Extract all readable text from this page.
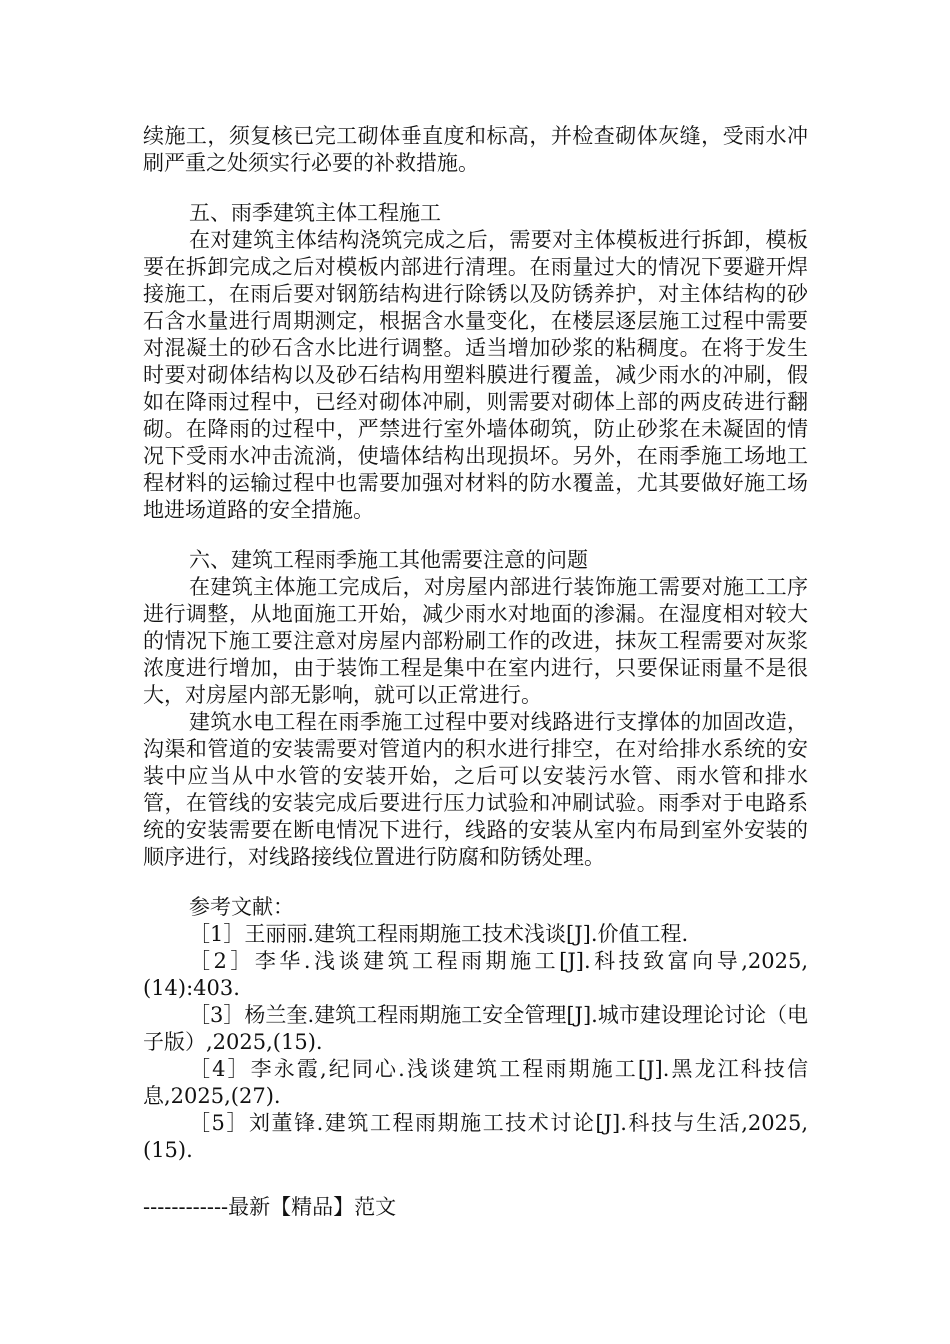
续施工，须复核已完工砌体垂直度和标高，并检查砌体灰缝，受雨水冲刷严重之处须实行必要的补救措施。

五、雨季建筑主体工程施工

在对建筑主体结构浇筑完成之后，需要对主体模板进行拆卸，模板要在拆卸完成之后对模板内部进行清理。在雨量过大的情况下要避开焊接施工，在雨后要对钢筋结构进行除锈以及防锈养护，对主体结构的砂石含水量进行周期测定，根据含水量变化，在楼层逐层施工过程中需要对混凝土的砂石含水比进行调整。适当增加砂浆的粘稠度。在将于发生时要对砌体结构以及砂石结构用塑料膜进行覆盖，减少雨水的冲刷，假如在降雨过程中，已经对砌体冲刷，则需要对砌体上部的两皮砖进行翻砌。在降雨的过程中，严禁进行室外墙体砌筑，防止砂浆在未凝固的情况下受雨水冲击流淌，使墙体结构出现损坏。另外，在雨季施工场地工程材料的运输过程中也需要加强对材料的防水覆盖，尤其要做好施工场地进场道路的安全措施。

六、建筑工程雨季施工其他需要注意的问题

在建筑主体施工完成后，对房屋内部进行装饰施工需要对施工工序进行调整，从地面施工开始，减少雨水对地面的渗漏。在湿度相对较大的情况下施工要注意对房屋内部粉刷工作的改进，抹灰工程需要对灰浆浓度进行增加，由于装饰工程是集中在室内进行，只要保证雨量不是很大，对房屋内部无影响，就可以正常进行。

建筑水电工程在雨季施工过程中要对线路进行支撑体的加固改造，沟渠和管道的安装需要对管道内的积水进行排空，在对给排水系统的安装中应当从中水管的安装开始，之后可以安装污水管、雨水管和排水管，在管线的安装完成后要进行压力试验和冲刷试验。雨季对于电路系统的安装需要在断电情况下进行，线路的安装从室内布局到室外安装的顺序进行，对线路接线位置进行防腐和防锈处理。

参考文献：

［1］王丽丽.建筑工程雨期施工技术浅谈[J].价值工程.

［2］李华.浅谈建筑工程雨期施工[J].科技致富向导,2025,(14):403.

［3］杨兰奎.建筑工程雨期施工安全管理[J].城市建设理论讨论（电子版）,2025,(15).

［4］李永霞,纪同心.浅谈建筑工程雨期施工[J].黑龙江科技信息,2025,(27).

［5］刘董锋.建筑工程雨期施工技术讨论[J].科技与生活,2025,(15).

------------最新【精品】范文
